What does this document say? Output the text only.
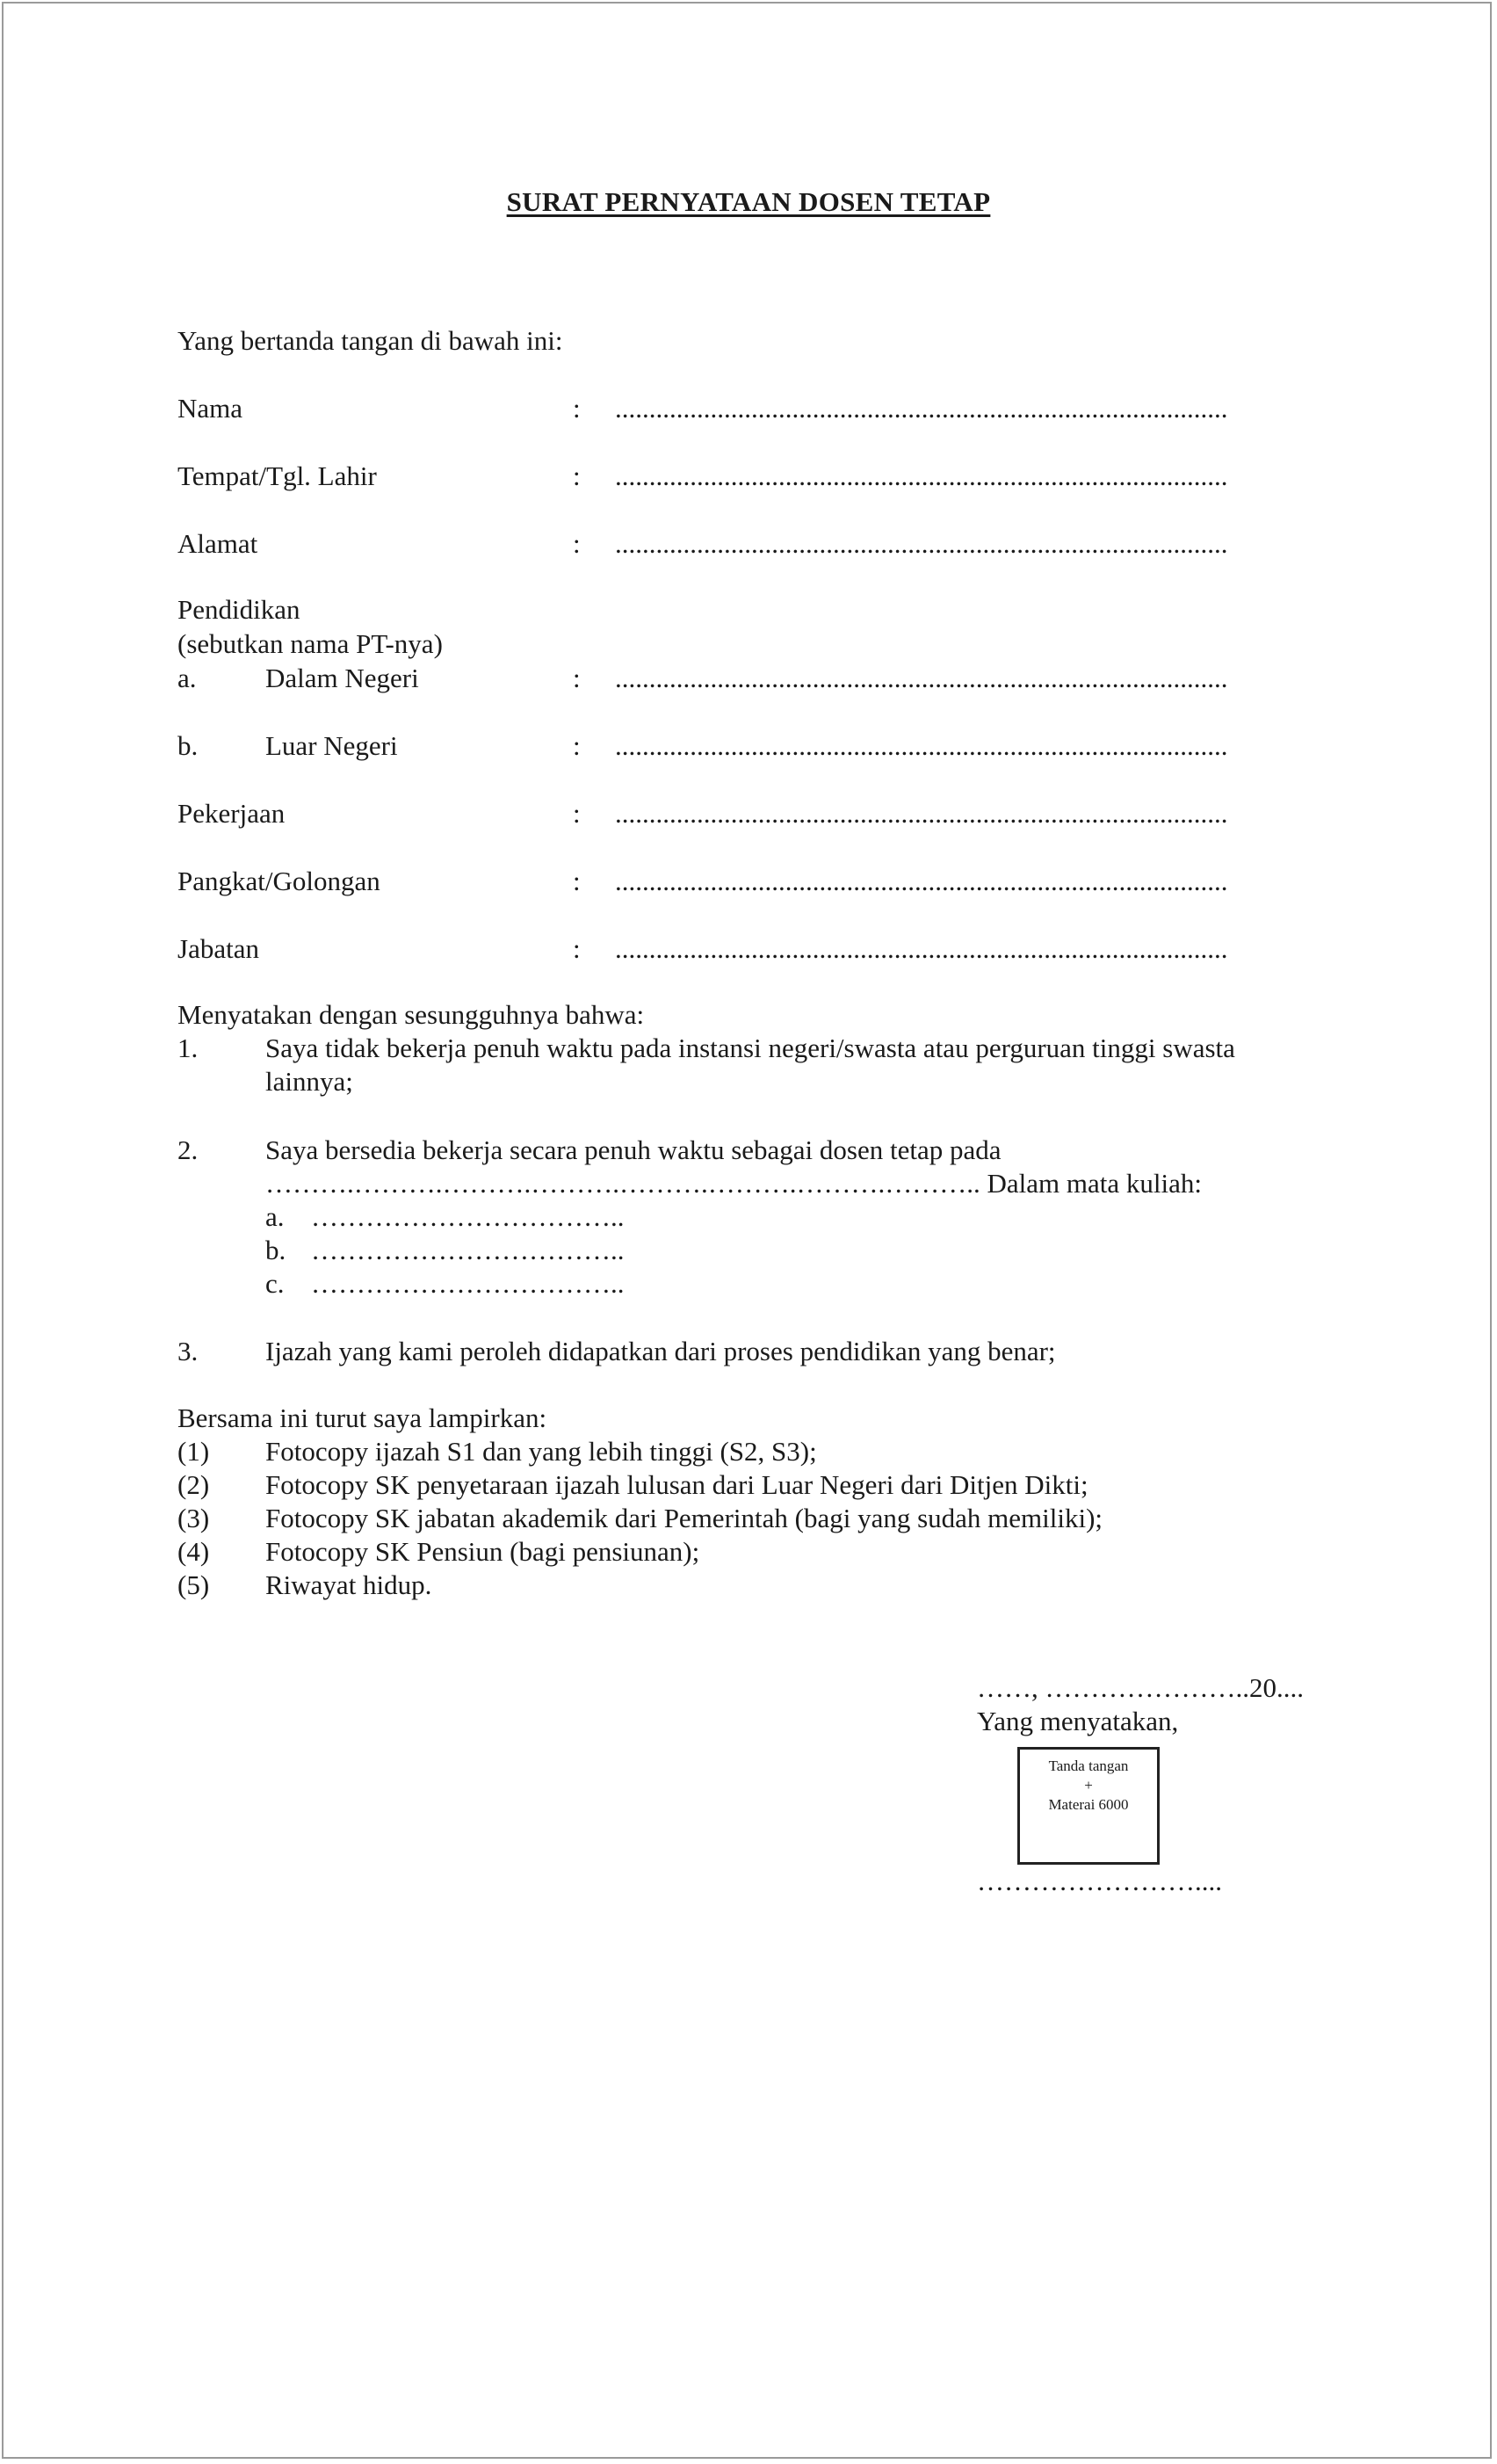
SURAT PERNYATAAN DOSEN TETAP
Yang bertanda tangan di bawah ini:
Nama	: ..........................................................................................
Tempat/Tgl. Lahir	: ..........................................................................................
Alamat	: ..........................................................................................
Pendidikan
(sebutkan nama PT-nya)
a.	Dalam Negeri	: ..........................................................................................
b. Luar Negeri	: ..........................................................................................
Pekerjaan	: ..........................................................................................
Pangkat/Golongan	: ..........................................................................................
Jabatan	: ..........................................................................................
Menyatakan dengan sesungguhnya bahwa:
1. Saya tidak bekerja penuh waktu pada instansi negeri/swasta atau perguruan tinggi swasta
lainnya;
2. Saya bersedia bekerja secara penuh waktu sebagai dosen tetap pada
……….……….……….……….……….……….……….……….. Dalam mata kuliah:
a. ……………………………..
b. ……………………………..
c. ……………………………..
3. Ijazah yang kami peroleh didapatkan dari proses pendidikan yang benar;
Bersama ini turut saya lampirkan:
(1) Fotocopy ijazah S1 dan yang lebih tinggi (S2, S3);
(2) Fotocopy SK penyetaraan ijazah lulusan dari Luar Negeri dari Ditjen Dikti;
(3) Fotocopy SK jabatan akademik dari Pemerintah (bagi yang sudah memiliki);
(4) Fotocopy SK Pensiun (bagi pensiunan);
(5) Riwayat hidup.
……, …………………..20....
Yang menyatakan,
Tanda tangan
+
Materai 6000
……………………....
